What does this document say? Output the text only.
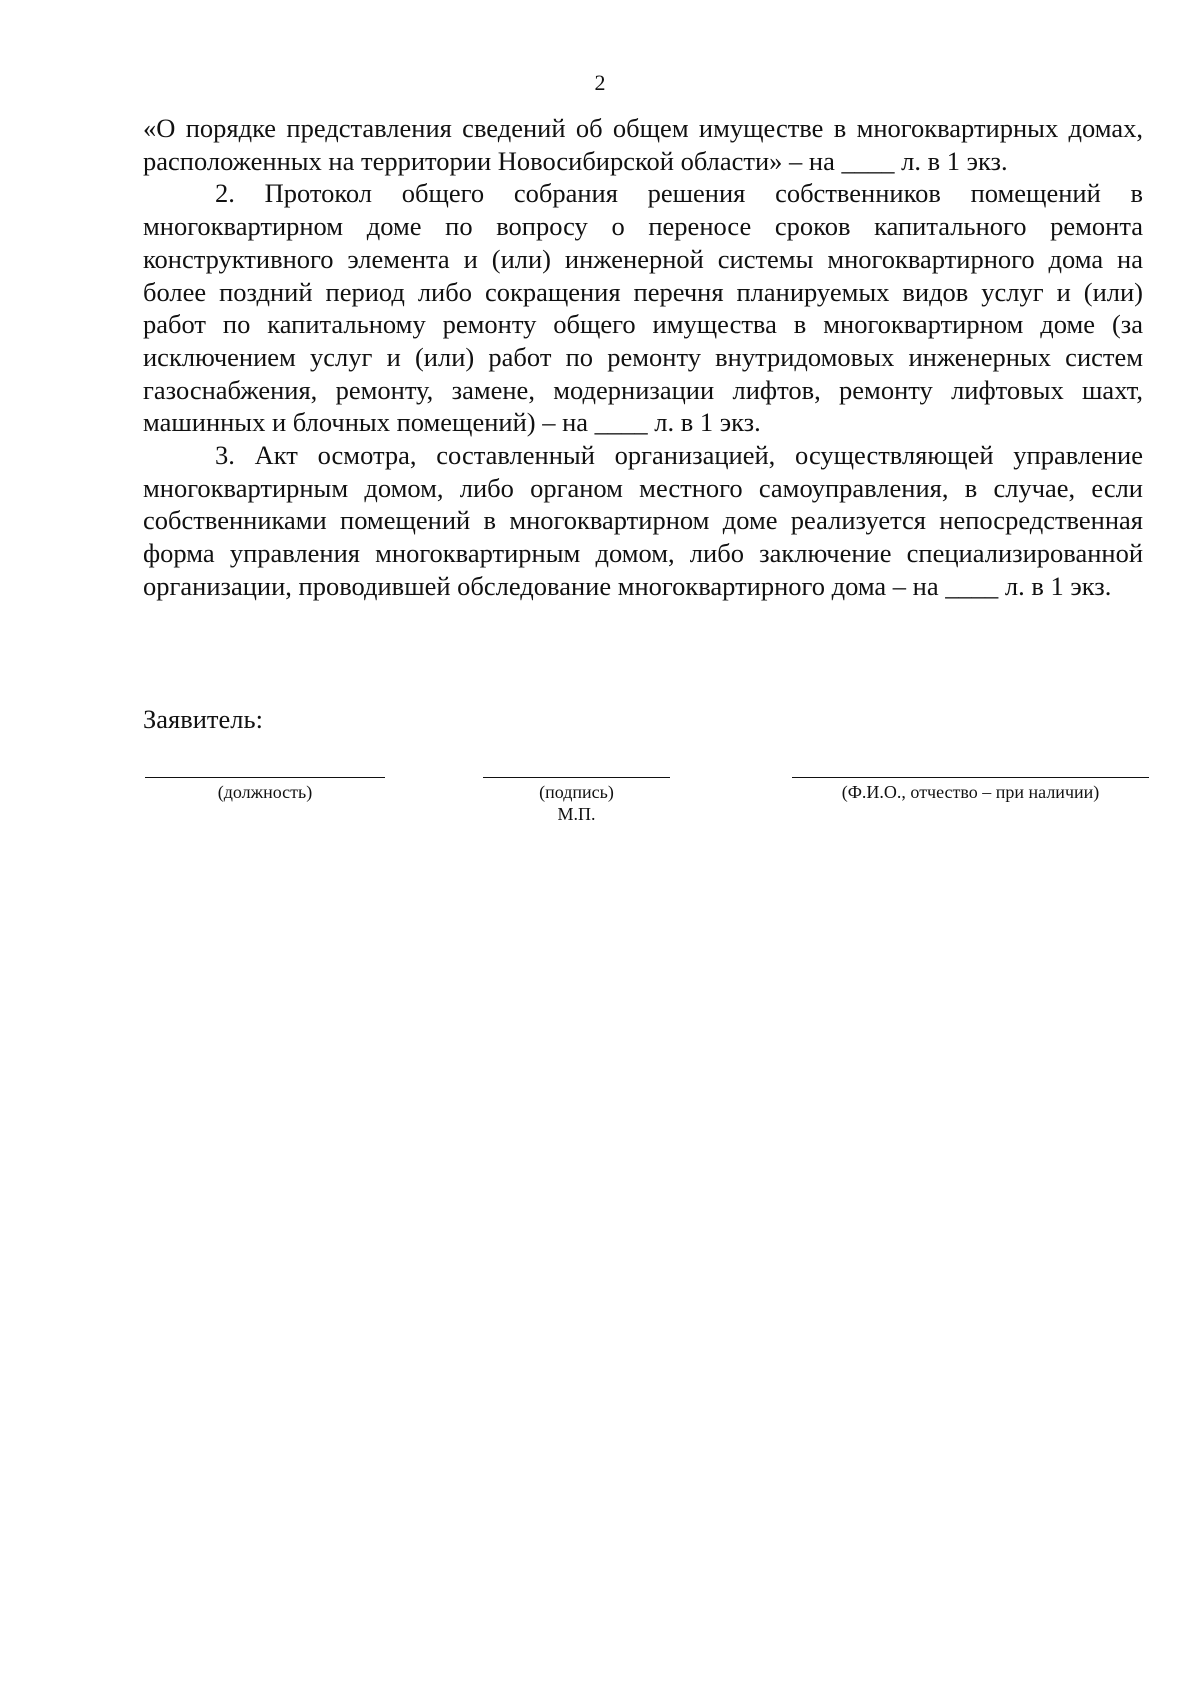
2

«О порядке представления сведений об общем имуществе в многоквартирных домах, расположенных на территории Новосибирской области» – на ____ л. в 1 экз.

2. Протокол общего собрания решения собственников помещений в многоквартирном доме по вопросу о переносе сроков капитального ремонта конструктивного элемента и (или) инженерной системы многоквартирного дома на более поздний период либо сокращения перечня планируемых видов услуг и (или) работ по капитальному ремонту общего имущества в многоквартирном доме (за исключением услуг и (или) работ по ремонту внутридомовых инженерных систем газоснабжения, ремонту, замене, модернизации лифтов, ремонту лифтовых шахт, машинных и блочных помещений) – на ____ л. в 1 экз.

3. Акт осмотра, составленный организацией, осуществляющей управление многоквартирным домом, либо органом местного самоуправления, в случае, если собственниками помещений в многоквартирном доме реализуется непосредственная форма управления многоквартирным домом, либо заключение специализированной организации, проводившей обследование многоквартирного дома – на ____ л. в 1 экз.

Заявитель:
(должность)	(подпись)
М.П.
(Ф.И.О., отчество – при наличии)
